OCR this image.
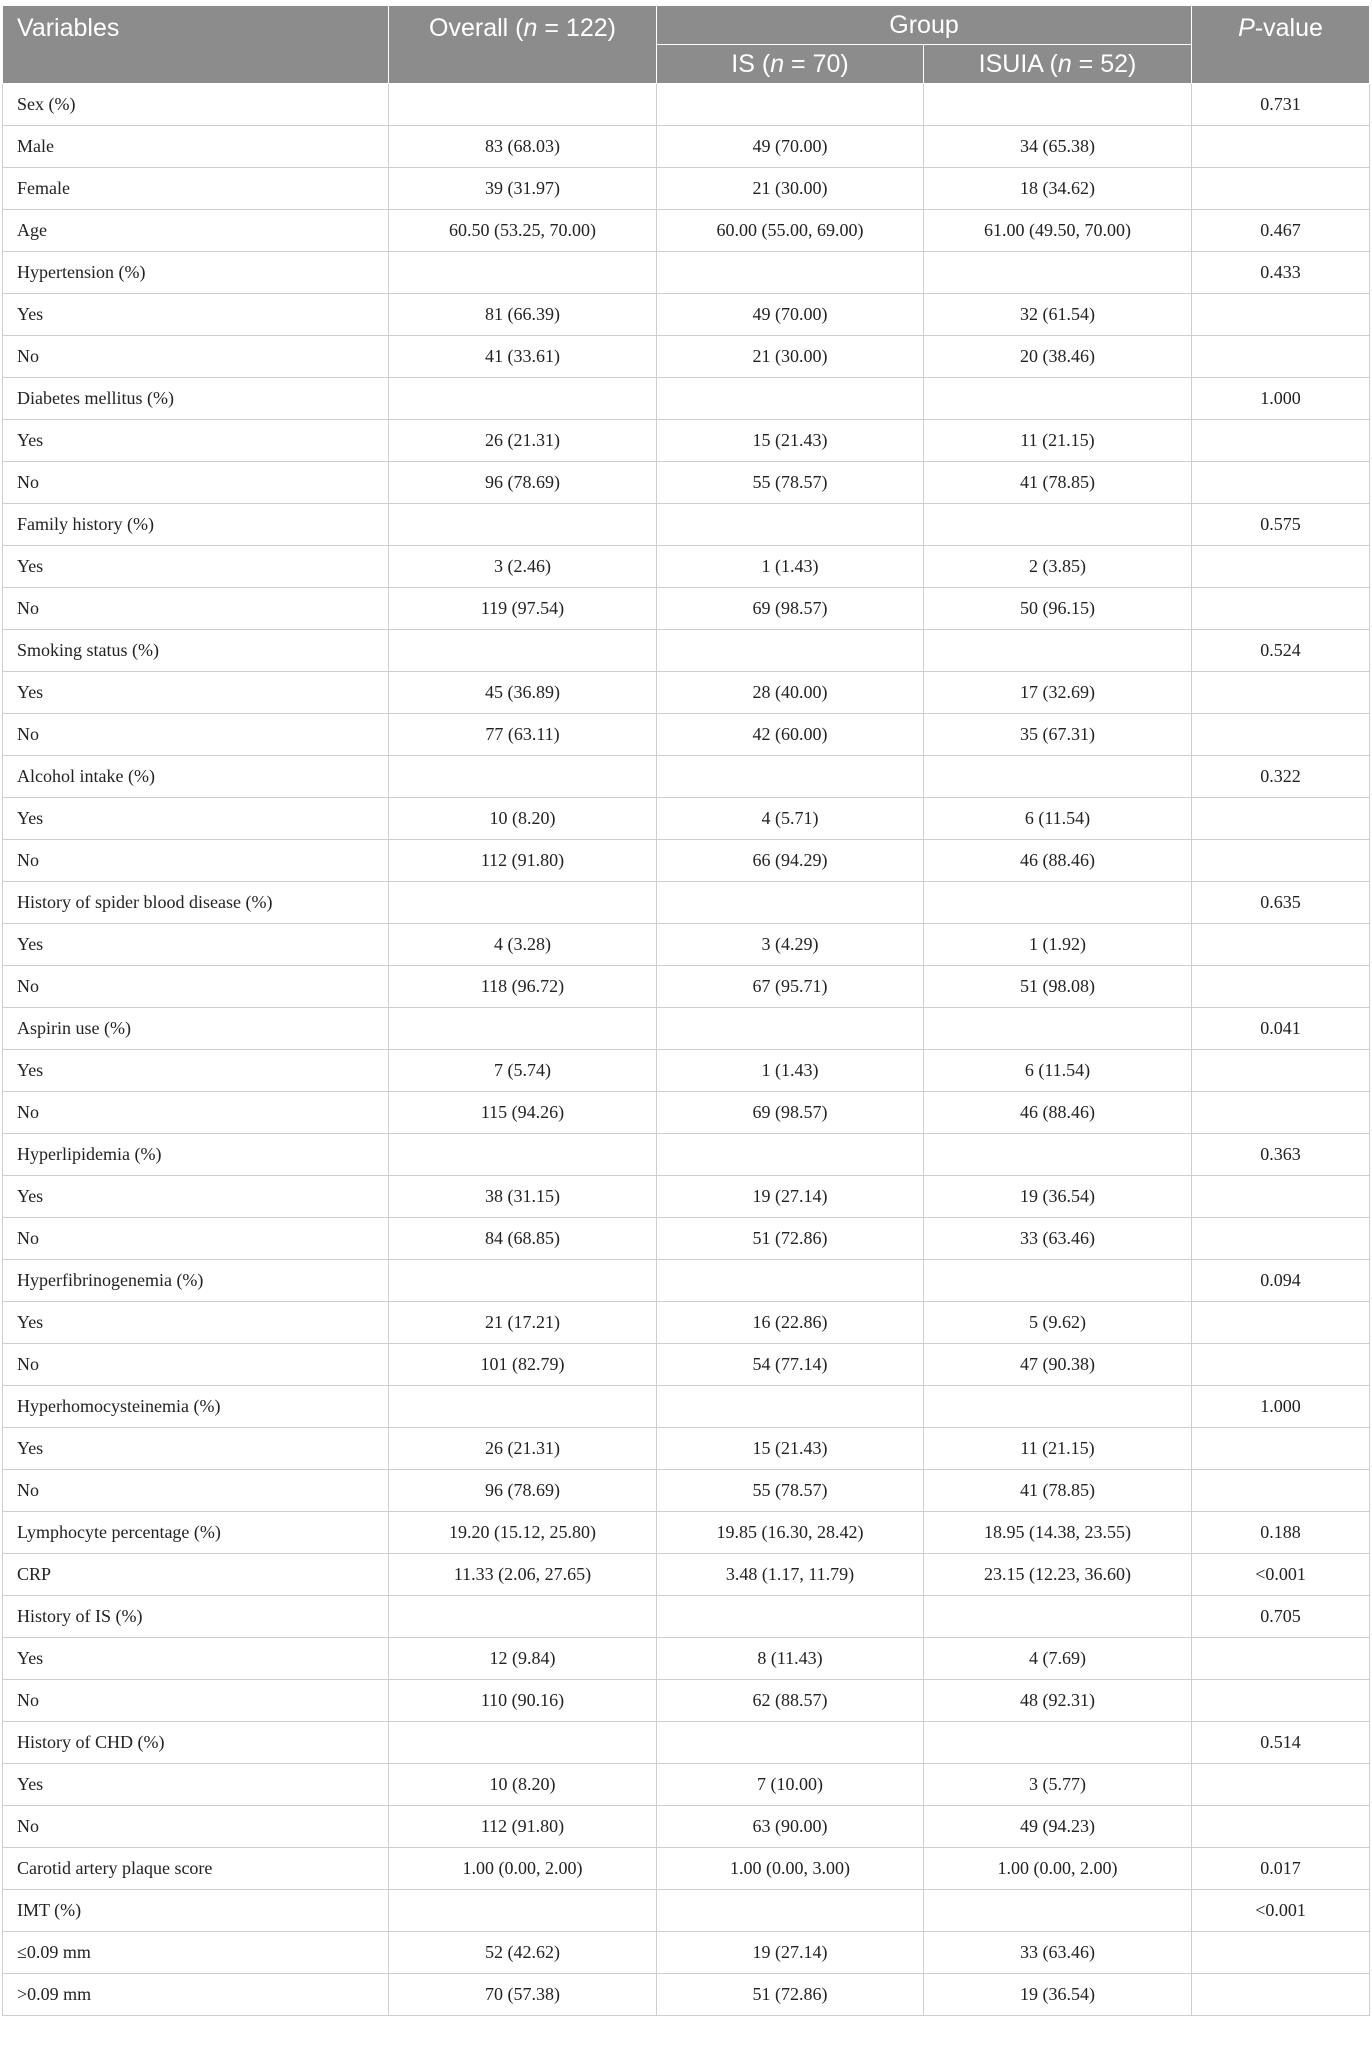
Variables	Overall (n = 122)	Group		P-value
		IS (n = 70)	ISUIA (n = 52)	
Sex (%)				0.731
Male	83 (68.03)	49 (70.00)	34 (65.38)	
Female	39 (31.97)	21 (30.00)	18 (34.62)	
Age	60.50 (53.25, 70.00)	60.00 (55.00, 69.00)	61.00 (49.50, 70.00)	0.467
Hypertension (%)				0.433
Yes	81 (66.39)	49 (70.00)	32 (61.54)	
No	41 (33.61)	21 (30.00)	20 (38.46)	
Diabetes mellitus (%)				1.000
Yes	26 (21.31)	15 (21.43)	11 (21.15)	
No	96 (78.69)	55 (78.57)	41 (78.85)	
Family history (%)				0.575
Yes	3 (2.46)	1 (1.43)	2 (3.85)	
No	119 (97.54)	69 (98.57)	50 (96.15)	
Smoking status (%)				0.524
Yes	45 (36.89)	28 (40.00)	17 (32.69)	
No	77 (63.11)	42 (60.00)	35 (67.31)	
Alcohol intake (%)				0.322
Yes	10 (8.20)	4 (5.71)	6 (11.54)	
No	112 (91.80)	66 (94.29)	46 (88.46)	
History of spider blood disease (%)				0.635
Yes	4 (3.28)	3 (4.29)	1 (1.92)	
No	118 (96.72)	67 (95.71)	51 (98.08)	
Aspirin use (%)				0.041
Yes	7 (5.74)	1 (1.43)	6 (11.54)	
No	115 (94.26)	69 (98.57)	46 (88.46)	
Hyperlipidemia (%)				0.363
Yes	38 (31.15)	19 (27.14)	19 (36.54)	
No	84 (68.85)	51 (72.86)	33 (63.46)	
Hyperfibrinogenemia (%)				0.094
Yes	21 (17.21)	16 (22.86)	5 (9.62)	
No	101 (82.79)	54 (77.14)	47 (90.38)	
Hyperhomocysteinemia (%)				1.000
Yes	26 (21.31)	15 (21.43)	11 (21.15)	
No	96 (78.69)	55 (78.57)	41 (78.85)	
Lymphocyte percentage (%)	19.20 (15.12, 25.80)	19.85 (16.30, 28.42)	18.95 (14.38, 23.55)	0.188
CRP	11.33 (2.06, 27.65)	3.48 (1.17, 11.79)	23.15 (12.23, 36.60)	<0.001
History of IS (%)				0.705
Yes	12 (9.84)	8 (11.43)	4 (7.69)	
No	110 (90.16)	62 (88.57)	48 (92.31)	
History of CHD (%)				0.514
Yes	10 (8.20)	7 (10.00)	3 (5.77)	
No	112 (91.80)	63 (90.00)	49 (94.23)	
Carotid artery plaque score	1.00 (0.00, 2.00)	1.00 (0.00, 3.00)	1.00 (0.00, 2.00)	0.017
IMT (%)				<0.001
≤0.09 mm	52 (42.62)	19 (27.14)	33 (63.46)	
>0.09 mm	70 (57.38)	51 (72.86)	19 (36.54)	
